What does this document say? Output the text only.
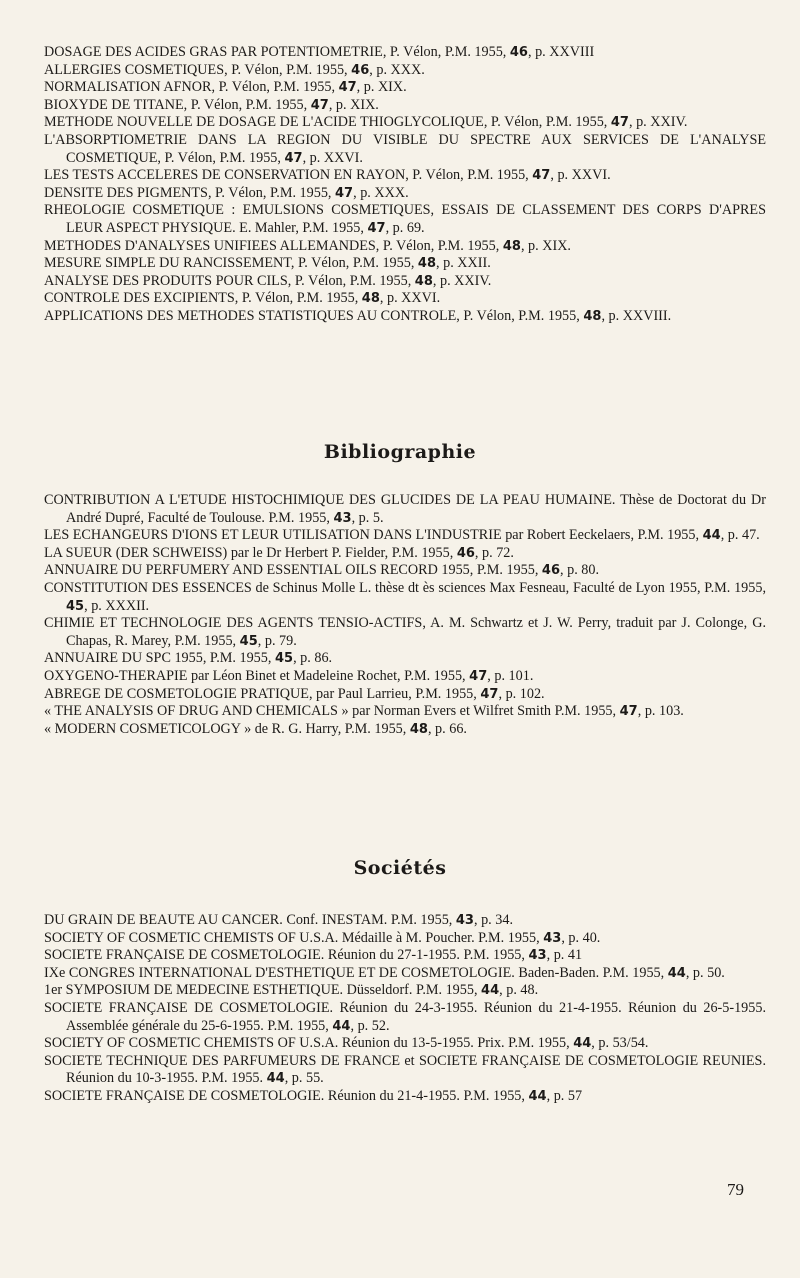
DOSAGE DES ACIDES GRAS PAR POTENTIOMETRIE, P. Vélon, P.M. 1955, 46, p. XXVIII

ALLERGIES COSMETIQUES, P. Vélon, P.M. 1955, 46, p. XXX.

NORMALISATION AFNOR, P. Vélon, P.M. 1955, 47, p. XIX.

BIOXYDE DE TITANE, P. Vélon, P.M. 1955, 47, p. XIX.

METHODE NOUVELLE DE DOSAGE DE L'ACIDE THIOGLYCOLIQUE, P. Vélon, P.M. 1955, 47, p. XXIV.

L'ABSORPTIOMETRIE DANS LA REGION DU VISIBLE DU SPECTRE AUX SERVICES DE L'ANALYSE COSMETIQUE, P. Vélon, P.M. 1955, 47, p. XXVI.

LES TESTS ACCELERES DE CONSERVATION EN RAYON, P. Vélon, P.M. 1955, 47, p. XXVI.

DENSITE DES PIGMENTS, P. Vélon, P.M. 1955, 47, p. XXX.

RHEOLOGIE COSMETIQUE : EMULSIONS COSMETIQUES, ESSAIS DE CLASSEMENT DES CORPS D'APRES LEUR ASPECT PHYSIQUE. E. Mahler, P.M. 1955, 47, p. 69.

METHODES D'ANALYSES UNIFIEES ALLEMANDES, P. Vélon, P.M. 1955, 48, p. XIX.

MESURE SIMPLE DU RANCISSEMENT, P. Vélon, P.M. 1955, 48, p. XXII.

ANALYSE DES PRODUITS POUR CILS, P. Vélon, P.M. 1955, 48, p. XXIV.

CONTROLE DES EXCIPIENTS, P. Vélon, P.M. 1955, 48, p. XXVI.

APPLICATIONS DES METHODES STATISTIQUES AU CONTROLE, P. Vélon, P.M. 1955, 48, p. XXVIII.

Bibliographie

CONTRIBUTION A L'ETUDE HISTOCHIMIQUE DES GLUCIDES DE LA PEAU HUMAINE. Thèse de Doctorat du Dr André Dupré, Faculté de Toulouse. P.M. 1955, 43, p. 5.

LES ECHANGEURS D'IONS ET LEUR UTILISATION DANS L'INDUSTRIE par Robert Eeckelaers, P.M. 1955, 44, p. 47.

LA SUEUR (DER SCHWEISS) par le Dr Herbert P. Fielder, P.M. 1955, 46, p. 72.

ANNUAIRE DU PERFUMERY AND ESSENTIAL OILS RECORD 1955, P.M. 1955, 46, p. 80.

CONSTITUTION DES ESSENCES de Schinus Molle L. thèse dt ès sciences Max Fesneau, Faculté de Lyon 1955, P.M. 1955, 45, p. XXXII.

CHIMIE ET TECHNOLOGIE DES AGENTS TENSIO-ACTIFS, A. M. Schwartz et J. W. Perry, traduit par J. Colonge, G. Chapas, R. Marey, P.M. 1955, 45, p. 79.

ANNUAIRE DU SPC 1955, P.M. 1955, 45, p. 86.

OXYGENO-THERAPIE par Léon Binet et Madeleine Rochet, P.M. 1955, 47, p. 101.

ABREGE DE COSMETOLOGIE PRATIQUE, par Paul Larrieu, P.M. 1955, 47, p. 102.

« THE ANALYSIS OF DRUG AND CHEMICALS » par Norman Evers et Wilfret Smith P.M. 1955, 47, p. 103.

« MODERN COSMETICOLOGY » de R. G. Harry, P.M. 1955, 48, p. 66.

Sociétés

DU GRAIN DE BEAUTE AU CANCER. Conf. INESTAM. P.M. 1955, 43, p. 34.

SOCIETY OF COSMETIC CHEMISTS OF U.S.A. Médaille à M. Poucher. P.M. 1955, 43, p. 40.

SOCIETE FRANÇAISE DE COSMETOLOGIE. Réunion du 27-1-1955. P.M. 1955, 43, p. 41

IXe CONGRES INTERNATIONAL D'ESTHETIQUE ET DE COSMETOLOGIE. Baden-Baden. P.M. 1955, 44, p. 50.

1er SYMPOSIUM DE MEDECINE ESTHETIQUE. Düsseldorf. P.M. 1955, 44, p. 48.

SOCIETE FRANÇAISE DE COSMETOLOGIE. Réunion du 24-3-1955. Réunion du 21-4-1955. Réunion du 26-5-1955. Assemblée générale du 25-6-1955. P.M. 1955, 44, p. 52.

SOCIETY OF COSMETIC CHEMISTS OF U.S.A. Réunion du 13-5-1955. Prix. P.M. 1955, 44, p. 53/54.

SOCIETE TECHNIQUE DES PARFUMEURS DE FRANCE et SOCIETE FRANÇAISE DE COSMETOLOGIE REUNIES. Réunion du 10-3-1955. P.M. 1955. 44, p. 55.

SOCIETE FRANÇAISE DE COSMETOLOGIE. Réunion du 21-4-1955. P.M. 1955, 44, p. 57

79
